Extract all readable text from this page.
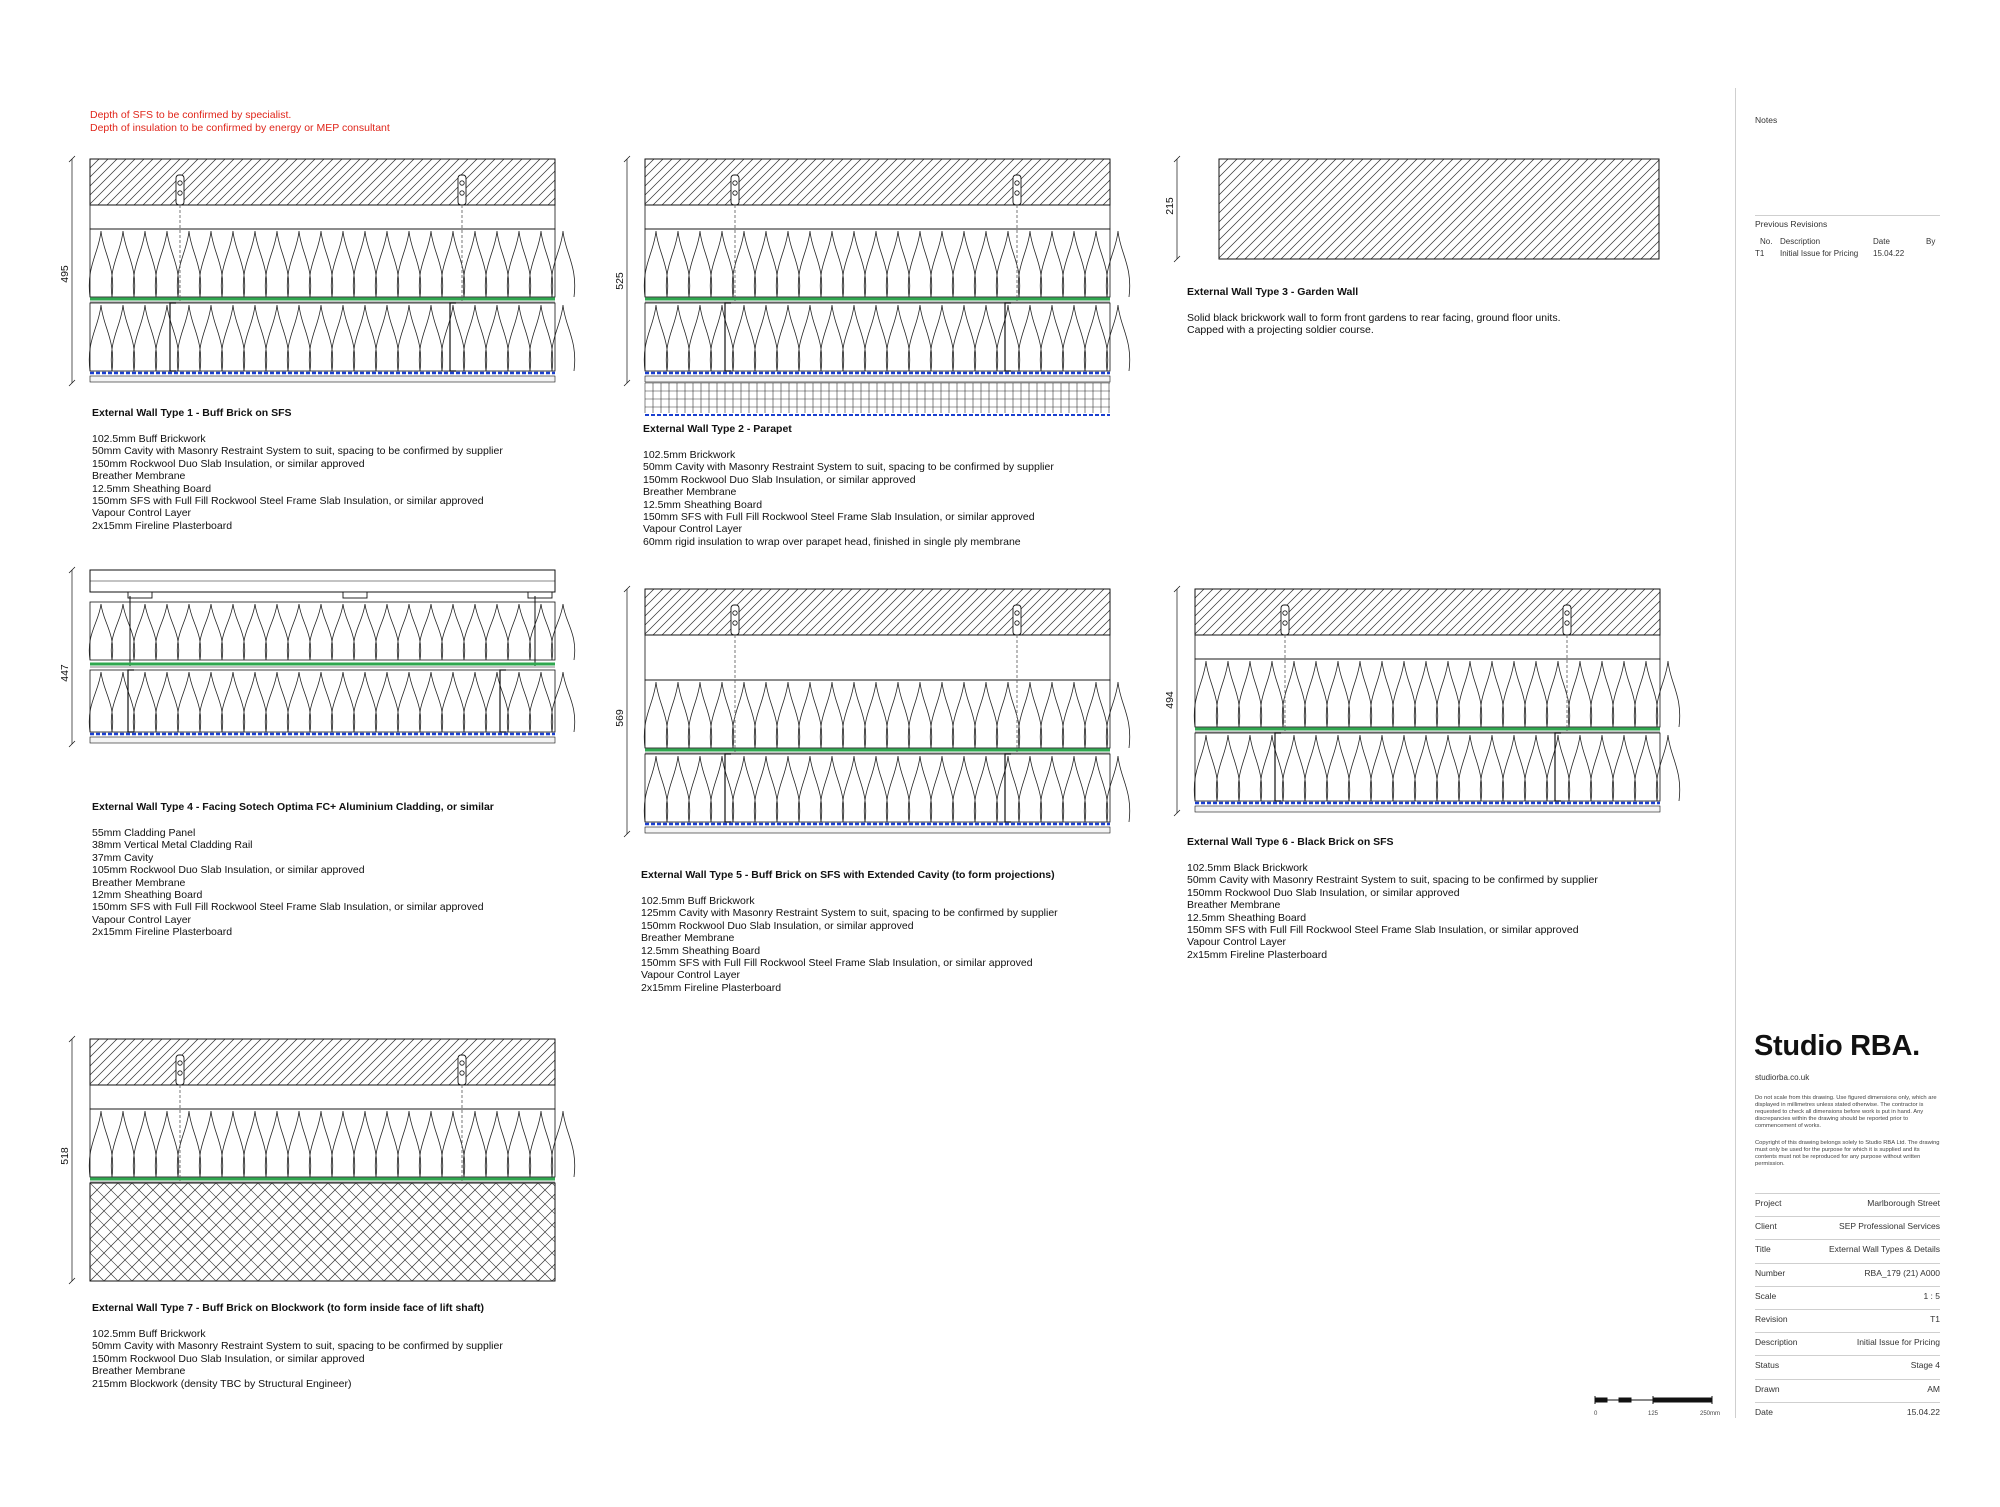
Depth of SFS to be confirmed by specialist.
Depth of insulation to be confirmed by energy or MEP consultant
495	525
215
447
569
494
518
External Wall Type 1 - Buff Brick on SFS
102.5mm Buff Brickwork
50mm Cavity with Masonry Restraint System to suit, spacing to be confirmed by supplier
150mm Rockwool Duo Slab Insulation, or similar approved
Breather Membrane
12.5mm Sheathing Board
150mm SFS with Full Fill Rockwool Steel Frame Slab Insulation, or similar approved
Vapour Control Layer
2x15mm Fireline Plasterboard
External Wall Type 2 - Parapet
102.5mm Brickwork
50mm Cavity with Masonry Restraint System to suit, spacing to be confirmed by supplier
150mm Rockwool Duo Slab Insulation, or similar approved
Breather Membrane
12.5mm Sheathing Board
150mm SFS with Full Fill Rockwool Steel Frame Slab Insulation, or similar approved
Vapour Control Layer
60mm rigid insulation to wrap over parapet head, finished in single ply membrane
External Wall Type 3 - Garden Wall
Solid black brickwork wall to form front gardens to rear facing, ground floor units.
Capped with a projecting soldier course.
External Wall Type 4 - Facing Sotech Optima FC+ Aluminium Cladding, or similar
55mm Cladding Panel
38mm Vertical Metal Cladding Rail
37mm Cavity
105mm Rockwool Duo Slab Insulation, or similar approved
Breather Membrane
12mm Sheathing Board
150mm SFS with Full Fill Rockwool Steel Frame Slab Insulation, or similar approved
Vapour Control Layer
2x15mm Fireline Plasterboard
External Wall Type 5 - Buff Brick on SFS with Extended Cavity (to form projections)
102.5mm Buff Brickwork
125mm Cavity with Masonry Restraint System to suit, spacing to be confirmed by supplier
150mm Rockwool Duo Slab Insulation, or similar approved
Breather Membrane
12.5mm Sheathing Board
150mm SFS with Full Fill Rockwool Steel Frame Slab Insulation, or similar approved
Vapour Control Layer
2x15mm Fireline Plasterboard
External Wall Type 6 - Black Brick on SFS
102.5mm Black Brickwork
50mm Cavity with Masonry Restraint System to suit, spacing to be confirmed by supplier
150mm Rockwool Duo Slab Insulation, or similar approved
Breather Membrane
12.5mm Sheathing Board
150mm SFS with Full Fill Rockwool Steel Frame Slab Insulation, or similar approved
Vapour Control Layer
2x15mm Fireline Plasterboard
External Wall Type 7 - Buff Brick on Blockwork (to form inside face of lift shaft)
102.5mm Buff Brickwork
50mm Cavity with Masonry Restraint System to suit, spacing to be confirmed by supplier
150mm Rockwool Duo Slab Insulation, or similar approved
Breather Membrane
215mm Blockwork (density TBC by Structural Engineer)
0	125	250mm
Notes
Previous Revisions
No. Description	Date	By
T1 Initial Issue for Pricing 15.04.22
Studio RBA.
studiorba.co.uk
Do not scale from this drawing. Use figured dimensions only, which are displayed in millimetres unless stated otherwise. The contractor is requested to check all dimensions before work is put in hand. Any discrepancies within the drawing should be reported prior to commencement of works.
Copyright of this drawing belongs solely to Studio RBA Ltd. The drawing must only be used for the purpose for which it is supplied and its contents must not be reproduced for any purpose without written permission.
Project	Marlborough Street
Client	SEP Professional Services
Title	External Wall Types & Details
Number	RBA_179 (21) A000
Scale	1 : 5
Revision	T1
Description	Initial Issue for Pricing
Status	Stage 4
Drawn	AM
Date	15.04.22
